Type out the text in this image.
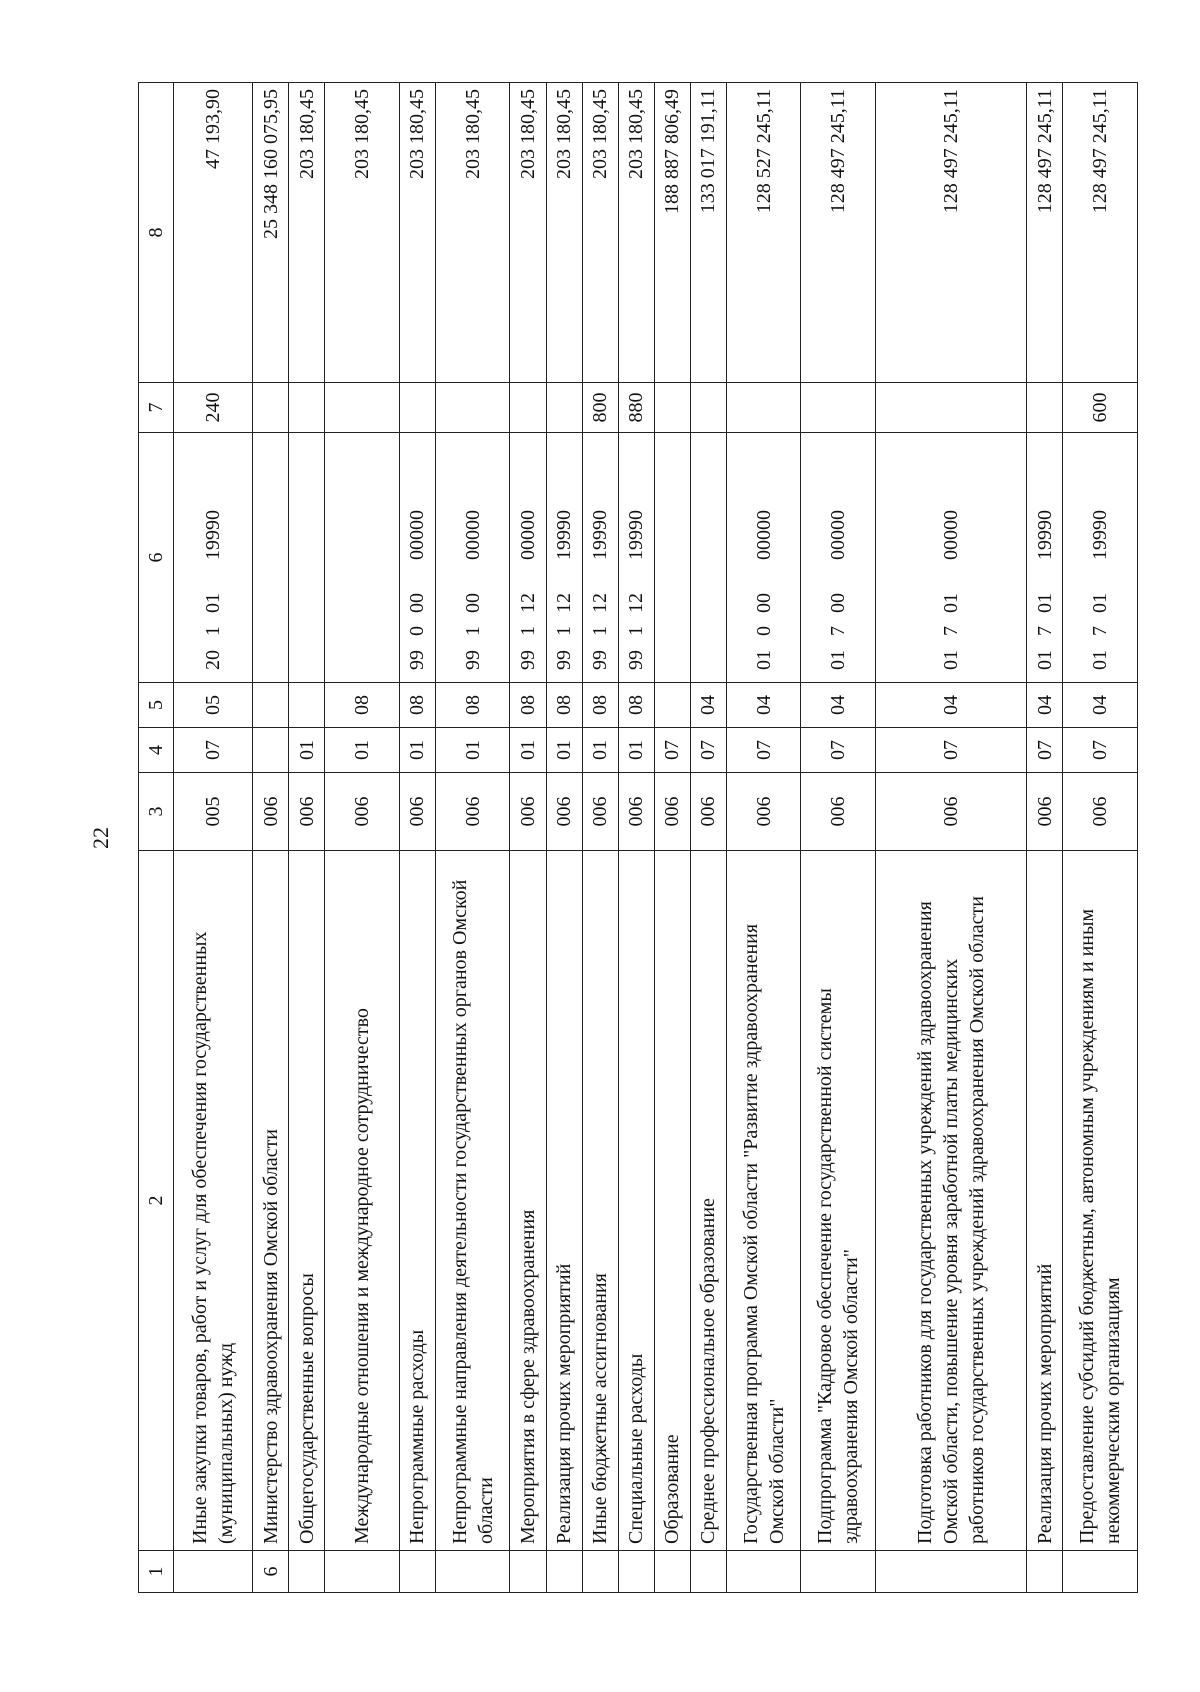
22
1	2	3	4	5	6	7	8
	Иные закупки товаров, работ и услуг для обеспечения государственных (муниципальных) нужд	005	07	05	2010119990	240	47 193,90
6	Министерство здравоохранения Омской области	006					25 348 160 075,95
	Общегосударственные вопросы	006	01				203 180,45
	Международные отношения и международное сотрудничество	006	01	08			203 180,45
	Непрограммные расходы	006	01	08	9900000000		203 180,45
	Непрограммные направления деятельности государственных органов Омской области	006	01	08	9910000000		203 180,45
	Мероприятия в сфере здравоохранения	006	01	08	9911200000		203 180,45
	Реализация прочих мероприятий	006	01	08	9911219990		203 180,45
	Иные бюджетные ассигнования	006	01	08	9911219990	800	203 180,45
	Специальные расходы	006	01	08	9911219990	880	203 180,45
	Образование	006	07				188 887 806,49
	Среднее профессиональное образование	006	07	04			133 017 191,11
	Государственная программа Омской области "Развитие здравоохранения Омской области"	006	07	04	0100000000		128 527 245,11
	Подпрограмма "Кадровое обеспечение государственной системы здравоохранения Омской области"	006	07	04	0170000000		128 497 245,11
	Подготовка работников для государственных учреждений здравоохранения Омской области, повышение уровня заработной платы медицинских работников государственных учреждений здравоохранения Омской области	006	07	04	0170100000		128 497 245,11
	Реализация прочих мероприятий	006	07	04	0170119990		128 497 245,11
	Предоставление субсидий бюджетным, автономным учреждениям и иным некоммерческим организациям	006	07	04	0170119990	600	128 497 245,11
